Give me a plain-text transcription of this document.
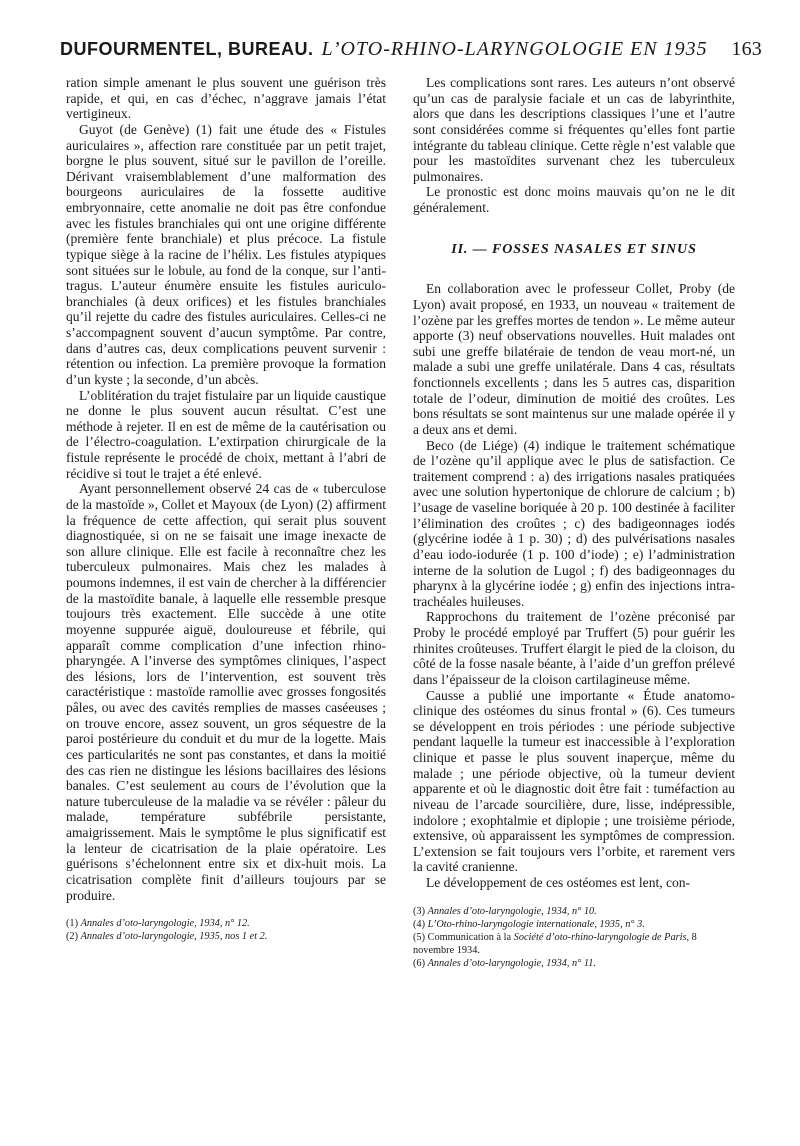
DUFOURMENTEL, BUREAU. L’OTO-RHINO-LARYNGOLOGIE EN 1935	163

ration simple amenant le plus souvent une guérison très rapide, et qui, en cas d’échec, n’aggrave jamais l’état vertigineux.

Guyot (de Genève) (1) fait une étude des « Fistules auriculaires », affection rare constituée par un petit trajet, borgne le plus souvent, situé sur le pavillon de l’oreille. Dérivant vraisemblablement d’une malformation des bourgeons auriculaires de la fossette auditive embryonnaire, cette anomalie ne doit pas être confondue avec les fistules branchiales qui ont une origine différente (première fente branchiale) et plus précoce. La fistule typique siège à la racine de l’hélix. Les fistules atypiques sont situées sur le lobule, au fond de la conque, sur l’anti-tragus. L’auteur énumère ensuite les fistules auriculo-branchiales (à deux orifices) et les fistules branchiales qu’il rejette du cadre des fistules auriculaires. Celles-ci ne s’accompagnent souvent d’aucun symptôme. Par contre, dans d’autres cas, deux complications peuvent survenir : rétention ou infection. La première provoque la formation d’un kyste ; la seconde, d’un abcès.

L’oblitération du trajet fistulaire par un liquide caustique ne donne le plus souvent aucun résultat. C’est une méthode à rejeter. Il en est de même de la cautérisation ou de l’électro-coagulation. L’extirpation chirurgicale de la fistule représente le procédé de choix, mettant à l’abri de récidive si tout le trajet a été enlevé.

Ayant personnellement observé 24 cas de « tuberculose de la mastoïde », Collet et Mayoux (de Lyon) (2) affirment la fréquence de cette affection, qui serait plus souvent diagnostiquée, si on ne se faisait une image inexacte de son allure clinique. Elle est facile à reconnaître chez les tuberculeux pulmonaires. Mais chez les malades à poumons indemnes, il est vain de chercher à la différencier de la mastoïdite banale, à laquelle elle ressemble presque toujours très exactement. Elle succède à une otite moyenne suppurée aiguë, douloureuse et fébrile, qui apparaît comme complication d’une infection rhino-pharyngée. A l’inverse des symptômes cliniques, l’aspect des lésions, lors de l’intervention, est souvent très caractéristique : mastoïde ramollie avec grosses fongosités pâles, ou avec des cavités remplies de masses caséeuses ; on trouve encore, assez souvent, un gros séquestre de la paroi postérieure du conduit et du mur de la logette. Mais ces particularités ne sont pas constantes, et dans la moitié des cas rien ne distingue les lésions bacillaires des lésions banales. C’est seulement au cours de l’évolution que la nature tuberculeuse de la maladie va se révéler : pâleur du malade, température subfébrile persistante, amaigrissement. Mais le symptôme le plus significatif est la lenteur de cicatrisation de la plaie opératoire. Les guérisons s’échelonnent entre six et dix-huit mois. La cicatrisation complète finit d’ailleurs toujours par se produire.

(1) Annales d’oto-laryngologie, 1934, n° 12.

(2) Annales d’oto-laryngologie, 1935, nos 1 et 2.

Les complications sont rares. Les auteurs n’ont observé qu’un cas de paralysie faciale et un cas de labyrinthite, alors que dans les descriptions classiques l’une et l’autre sont considérées comme si fréquentes qu’elles font partie intégrante du tableau clinique. Cette règle n’est valable que pour les mastoïdites survenant chez les tuberculeux pulmonaires.

Le pronostic est donc moins mauvais qu’on ne le dit généralement.

II. — FOSSES NASALES ET SINUS

En collaboration avec le professeur Collet, Proby (de Lyon) avait proposé, en 1933, un nouveau « traitement de l’ozène par les greffes mortes de tendon ». Le même auteur apporte (3) neuf observations nouvelles. Huit malades ont subi une greffe bilatéraie de tendon de veau mort-né, un malade a subi une greffe unilatérale. Dans 4 cas, résultats fonctionnels excellents ; dans les 5 autres cas, disparition totale de l’odeur, diminution de moitié des croûtes. Les bons résultats se sont maintenus sur une malade opérée il y a deux ans et demi.

Beco (de Liége) (4) indique le traitement schématique de l’ozène qu’il applique avec le plus de satisfaction. Ce traitement comprend : a) des irrigations nasales pratiquées avec une solution hypertonique de chlorure de calcium ; b) l’usage de vaseline boriquée à 20 p. 100 destinée à faciliter l’élimination des croûtes ; c) des badigeonnages iodés (glycérine iodée à 1 p. 30) ; d) des pulvérisations nasales d’eau iodo-iodurée (1 p. 100 d’iode) ; e) l’administration interne de la solution de Lugol ; f) des badigeonnages du pharynx à la glycérine iodée ; g) enfin des injections intra-trachéales huileuses.

Rapprochons du traitement de l’ozène préconisé par Proby le procédé employé par Truffert (5) pour guérir les rhinites croûteuses. Truffert élargit le pied de la cloison, du côté de la fosse nasale béante, à l’aide d’un greffon prélevé dans l’épaisseur de la cloison cartilagineuse même.

Causse a publié une importante « Étude anatomo-clinique des ostéomes du sinus frontal » (6). Ces tumeurs se développent en trois périodes : une période subjective pendant laquelle la tumeur est inaccessible à l’exploration clinique et passe le plus souvent inaperçue, même du malade ; une période objective, où la tumeur devient apparente et où le diagnostic doit être fait : tuméfaction au niveau de l’arcade sourcilière, dure, lisse, indépressible, indolore ; exophtalmie et diplopie ; une troisième période, extensive, où apparaissent les symptômes de compression. L’extension se fait toujours vers l’orbite, et rarement vers la cavité cranienne.

Le développement de ces ostéomes est lent, con-

(3) Annales d’oto-laryngologie, 1934, n° 10.

(4) L’Oto-rhino-laryngologie internationale, 1935, n° 3.

(5) Communication à la Société d’oto-rhino-laryngologie de Paris, 8 novembre 1934.

(6) Annales d’oto-laryngologie, 1934, n° 11.
